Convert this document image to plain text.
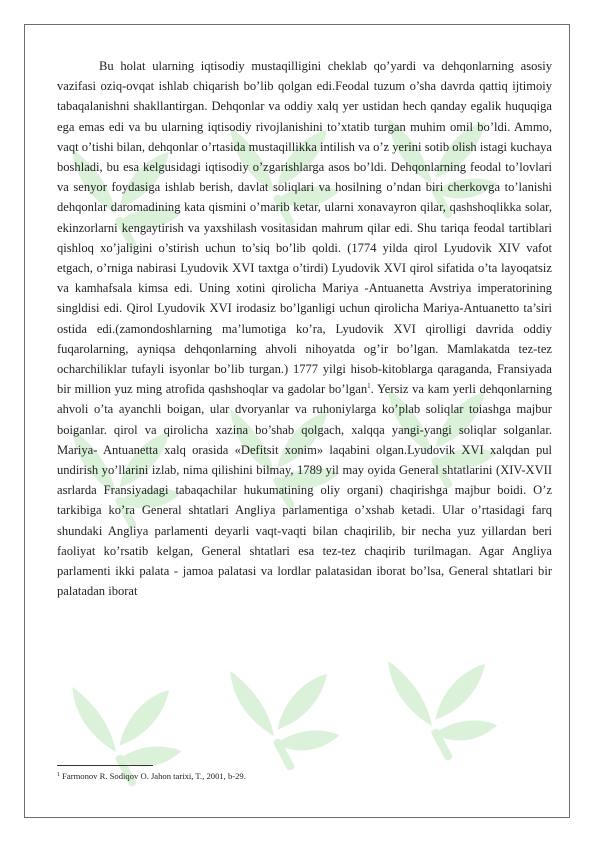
Bu holat ularning iqtisodiy mustaqilligini cheklab qo’yardi va dehqonlarning asosiy vazifasi oziq-ovqat ishlab chiqarish bo’lib qolgan edi.Feodal tuzum o’sha davrda qattiq ijtimoiy tabaqalanishni shakllantirgan. Dehqonlar va oddiy xalq yer ustidan hech qanday egalik huquqiga ega emas edi va bu ularning iqtisodiy rivojlanishini to’xtatib turgan muhim omil bo’ldi. Ammo, vaqt o’tishi bilan, dehqonlar o’rtasida mustaqillikka intilish va o’z yerini sotib olish istagi kuchaya boshladi, bu esa kelgusidagi iqtisodiy o’zgarishlarga asos bo’ldi. Dehqonlarning feodal to’lovlari va senyor foydasiga ishlab berish, davlat soliqlari va hosilning o’ndan biri cherkovga to’lanishi dehqonlar daromadining kata qismini o’marib ketar, ularni xonavayron qilar, qashshoqlikka solar, ekinzorlarni kengaytirish va yaxshilash vositasidan mahrum qilar edi. Shu tariqa feodal tartiblari qishloq xo’jaligini o’stirish uchun to’siq bo’lib qoldi. (1774 yilda qirol Lyudovik XIV vafot etgach, o’rniga nabirasi Lyudovik XVI taxtga o’tirdi) Lyudovik XVI qirol sifatida o’ta layoqatsiz va kamhafsala kimsa edi. Uning xotini qirolicha Mariya -Antuanetta Avstriya imperatorining singldisi edi. Qirol Lyudovik XVI irodasiz bo’lganligi uchun qirolicha Mariya-Antuanetto ta’siri ostida edi.(zamondoshlarning ma’lumotiga ko’ra, Lyudovik XVI qirolligi davrida oddiy fuqarolarning, ayniqsa dehqonlarning ahvoli nihoyatda og’ir bo’lgan. Mamlakatda tez-tez ocharchiliklar tufayli isyonlar bo’lib turgan.) 1777 yilgi hisob-kitoblarga qaraganda, Fransiyada bir million yuz ming atrofida qashshoqlar va gadolar bo’lgan$^1$. Yersiz va kam yerli dehqonlarning ahvoli o’ta ayanchli boigan, ular dvoryanlar va ruhoniylarga ko’plab soliqlar toiashga majbur boiganlar. qirol va qirolicha xazina bo’shab qolgach, xalqqa yangi-yangi soliqlar solganlar. Mariya- Antuanetta xalq orasida «Defitsit xonim» laqabini olgan.Lyudovik XVI xalqdan pul undirish yo’llarini izlab, nima qilishini bilmay, 1789 yil may oyida General shtatlarini (XIV-XVII asrlarda Fransiyadagi tabaqachilar hukumatining oliy organi) chaqirishga majbur boidi. O’z tarkibiga ko’ra General shtatlari Angliya parlamentiga o’xshab ketadi. Ular o’rtasidagi farq shundaki Angliya parlamenti deyarli vaqt-vaqti bilan chaqirilib, bir necha yuz yillardan beri faoliyat ko’rsatib kelgan, General shtatlari esa tez-tez chaqirib turilmagan. Agar Angliya parlamenti ikki palata - jamoa palatasi va lordlar palatasidan iborat bo’lsa, General shtatlari bir palatadan iborat

$^1$ Farmonov R. Sodiqov O. Jahon tarixi, T., 2001, b-29.
